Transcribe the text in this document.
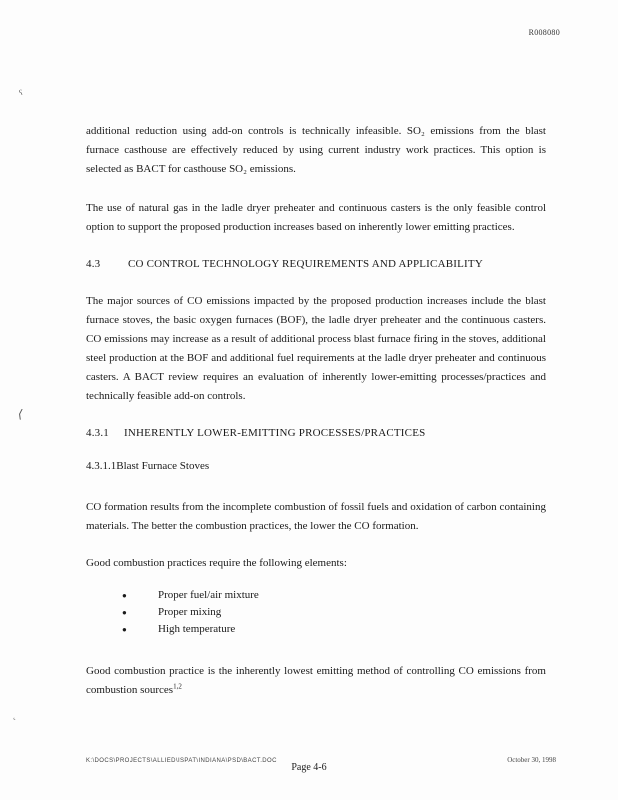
R008080
ˁ
⟨
ʿ

additional reduction using add-on controls is technically infeasible. SO₂ emissions from the blast furnace casthouse are effectively reduced by using current industry work practices. This option is selected as BACT for casthouse SO₂ emissions.

The use of natural gas in the ladle dryer preheater and continuous casters is the only feasible control option to support the proposed production increases based on inherently lower emitting practices.

4.3	CO CONTROL TECHNOLOGY REQUIREMENTS AND APPLICABILITY

The major sources of CO emissions impacted by the proposed production increases include the blast furnace stoves, the basic oxygen furnaces (BOF), the ladle dryer preheater and the continuous casters. CO emissions may increase as a result of additional process blast furnace firing in the stoves, additional steel production at the BOF and additional fuel requirements at the ladle dryer preheater and continuous casters. A BACT review requires an evaluation of inherently lower-emitting processes/practices and technically feasible add-on controls.

4.3.1	INHERENTLY LOWER-EMITTING PROCESSES/PRACTICES
4.3.1.1Blast Furnace Stoves

CO formation results from the incomplete combustion of fossil fuels and oxidation of carbon containing materials. The better the combustion practices, the lower the CO formation.

Good combustion practices require the following elements:

●	Proper fuel/air mixture
●	Proper mixing
●	High temperature

Good combustion practice is the inherently lowest emitting method of controlling CO emissions from combustion sources$^{1,2}$

K:\DOCS\PROJECTS\ALLIED\ISPAT\INDIANA\PSD\BACT.DOC	October 30, 1998
Page 4-6
